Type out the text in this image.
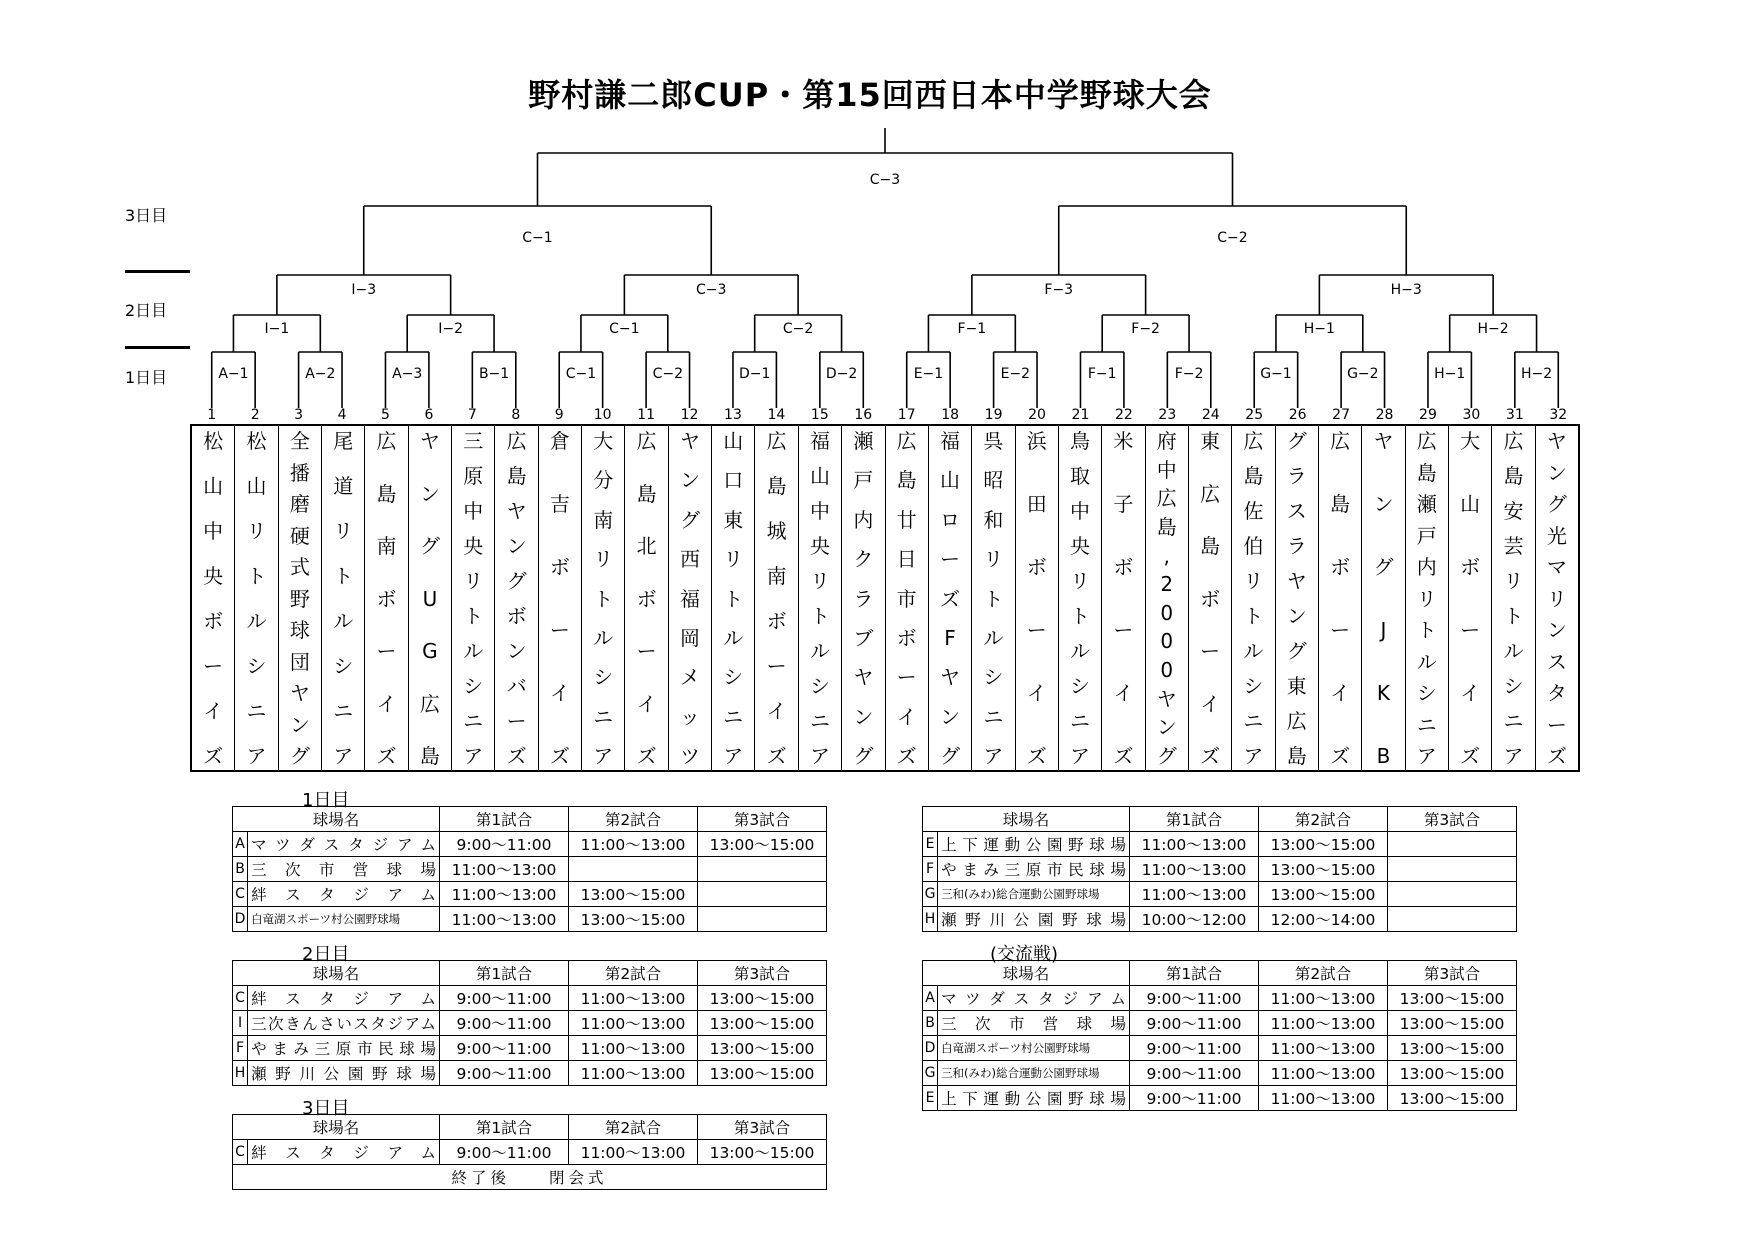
野村謙二郎CUP・第15回西日本中学野球大会
3日目
2日目
1日目	A−1	A−2	A−3	B−1	C−1	C−2	D−1	D−2	E−1	E−2	F−1	F−2	G−1	G−2	H−1	H−2
I−1	I−2	C−1	C−2	F−1	F−2	H−1	H−2
I−3	C−3	F−3	H−3
C−1	C−2
C−3
1 2 3 4 5 6 7 8 9 10 11 12 13 14 15 16 17 18 19 20 21 22 23 24 25 26 27 28 29 30 31 32
松
山
中
央
ボ
ー
イ
ズ
松
山
リ
ト
ル
シ
ニ
ア
全
播
磨
硬
式
野
球
団
ヤ
ン
グ
尾
道
リ
ト
ル
シ
ニ
ア
広
島
南
ボ
ー
イ
ズ
ヤ
ン
グ
U
G
広
島
三
原
中
央
リ
ト
ル
シ
ニ
ア
広
島
ヤ
ン
グ
ボ
ン
バ
ー
ズ
倉
吉
ボ
ー
イ
ズ
大
分
南
リ
ト
ル
シ
ニ
ア
広
島
北
ボ
ー
イ
ズ
ヤ
ン
グ
西
福
岡
メ
ッ
ツ
山
口
東
リ
ト
ル
シ
ニ
ア
広
島
城
南
ボ
ー
イ
ズ
福
山
中
央
リ
ト
ル
シ
ニ
ア
瀬
戸
内
ク
ラ
ブ
ヤ
ン
グ
広
島
廿
日
市
ボ
ー
イ
ズ
福
山
ロ
ー
ズ
F
ヤ
ン
グ
呉
昭
和
リ
ト
ル
シ
ニ
ア
浜
田
ボ
ー
イ
ズ
鳥
取
中
央
リ
ト
ル
シ
ニ
ア
米
子
ボ
ー
イ
ズ
府
中
広
島
,
2
0
0
0
ヤ
ン
グ
東
広
島
ボ
ー
イ
ズ
広
島
佐
伯
リ
ト
ル
シ
ニ
ア
グ
ラ
ス
ラ
ヤ
ン
グ
東
広
島
広
島
ボ
ー
イ
ズ
ヤ
ン
グ
J
K
B
広
島
瀬
戸
内
リ
ト
ル
シ
ニ
ア
大
山
ボ
ー
イ
ズ
広
島
安
芸
リ
ト
ル
シ
ニ
ア
ヤ
ン
グ
光
マ
リ
ン
ス
タ
ー
ズ
1日目
球場名		第1試合	第2試合	第3試合
A	マツダスタジアム	9:00〜11:00	11:00〜13:00	13:00〜15:00
B	三次市営球場	11:00〜13:00		
C	絆スタジアム	11:00〜13:00	13:00〜15:00	
D	白竜湖スポーツ村公園野球場	11:00〜13:00	13:00〜15:00	
球場名		第1試合	第2試合	第3試合
E	上下運動公園野球場	11:00〜13:00	13:00〜15:00	
F	やまみ三原市民球場	11:00〜13:00	13:00〜15:00	
G	三和(みわ)総合運動公園野球場	11:00〜13:00	13:00〜15:00	
H	瀬野川公園野球場	10:00〜12:00	12:00〜14:00	
2日目
球場名		第1試合	第2試合	第3試合
C	絆スタジアム	9:00〜11:00	11:00〜13:00	13:00〜15:00
I	三次きんさいスタジアム	9:00〜11:00	11:00〜13:00	13:00〜15:00
F	やまみ三原市民球場	9:00〜11:00	11:00〜13:00	13:00〜15:00
H	瀬野川公園野球場	9:00〜11:00	11:00〜13:00	13:00〜15:00
(交流戦)
球場名		第1試合	第2試合	第3試合
A	マツダスタジアム	9:00〜11:00	11:00〜13:00	13:00〜15:00
B	三次市営球場	9:00〜11:00	11:00〜13:00	13:00〜15:00
D	白竜湖スポーツ村公園野球場	9:00〜11:00	11:00〜13:00	13:00〜15:00
G	三和(みわ)総合運動公園野球場	9:00〜11:00	11:00〜13:00	13:00〜15:00
E	上下運動公園野球場	9:00〜11:00	11:00〜13:00	13:00〜15:00
3日目
球場名		第1試合	第2試合	第3試合
C	絆スタジアム	9:00〜11:00	11:00〜13:00	13:00〜15:00
終了後　　閉会式				
